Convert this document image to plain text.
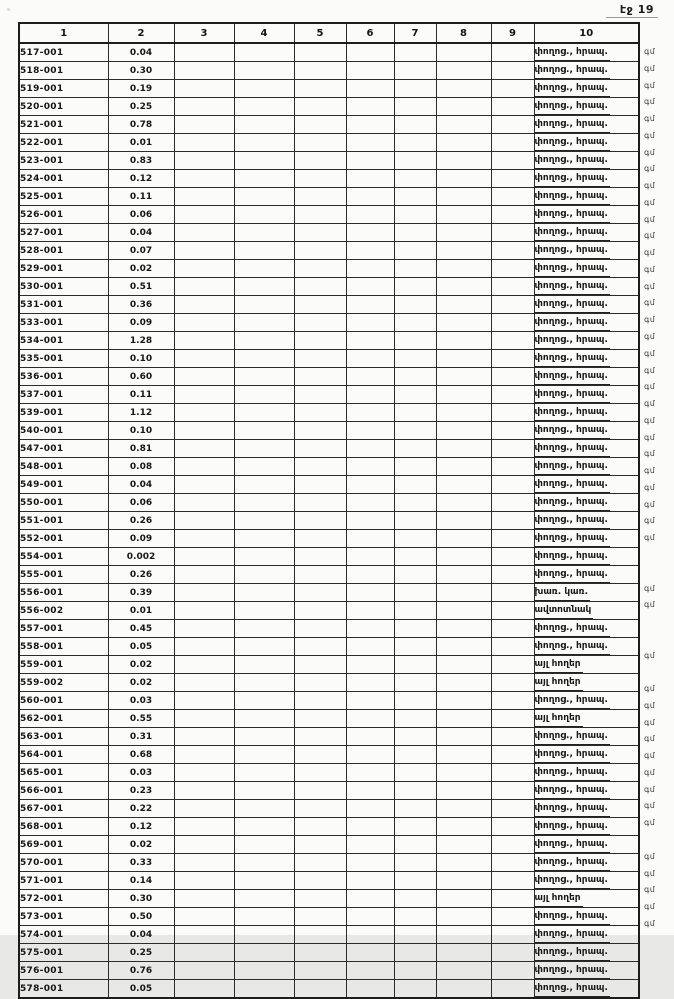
էջ 19
1	2	3	4	5	6	7	8	9	10
517-001	0.04								փողոց., հրապ.
518-001	0.30								փողոց., հրապ.
519-001	0.19								փողոց., հրապ.
520-001	0.25								փողոց., հրապ.
521-001	0.78								փողոց., հրապ.
522-001	0.01								փողոց., հրապ.
523-001	0.83								փողոց., հրապ.
524-001	0.12								փողոց., հրապ.
525-001	0.11								փողոց., հրապ.
526-001	0.06								փողոց., հրապ.
527-001	0.04								փողոց., հրապ.
528-001	0.07								փողոց., հրապ.
529-001	0.02								փողոց., հրապ.
530-001	0.51								փողոց., հրապ.
531-001	0.36								փողոց., հրապ.
533-001	0.09								փողոց., հրապ.
534-001	1.28								փողոց., հրապ.
535-001	0.10								փողոց., հրապ.
536-001	0.60								փողոց., հրապ.
537-001	0.11								փողոց., հրապ.
539-001	1.12								փողոց., հրապ.
540-001	0.10								փողոց., հրապ.
547-001	0.81								փողոց., հրապ.
548-001	0.08								փողոց., հրապ.
549-001	0.04								փողոց., հրապ.
550-001	0.06								փողոց., հրապ.
551-001	0.26								փողոց., հրապ.
552-001	0.09								փողոց., հրապ.
554-001	0.002								փողոց., հրապ.
555-001	0.26								փողոց., հրապ.
556-001	0.39								խառ. կառ.
556-002	0.01								ավտոտնակ
557-001	0.45								փողոց., հրապ.
558-001	0.05								փողոց., հրապ.
559-001	0.02								այլ հողեր
559-002	0.02								այլ հողեր
560-001	0.03								փողոց., հրապ.
562-001	0.55								այլ հողեր
563-001	0.31								փողոց., հրապ.
564-001	0.68								փողոց., հրապ.
565-001	0.03								փողոց., հրապ.
566-001	0.23								փողոց., հրապ.
567-001	0.22								փողոց., հրապ.
568-001	0.12								փողոց., հրապ.
569-001	0.02								փողոց., հրապ.
570-001	0.33								փողոց., հրապ.
571-001	0.14								փողոց., հրապ.
572-001	0.30								այլ հողեր
573-001	0.50								փողոց., հրապ.
574-001	0.04								փողոց., հրապ.
575-001	0.25								փողոց., հրապ.
576-001	0.76								փողոց., հրապ.
578-001	0.05								փողոց., հրապ.
գմ
գմ
գմ
գմ
գմ
գմ
գմ
գմ
գմ
գմ
գմ
գմ
գմ
գմ
գմ
գմ
գմ
գմ
գմ
գմ
գմ
գմ
գմ
գմ
գմ
գմ
գմ
գմ
գմ
գմ
գմ
գմ
գմ
գմ
գմ
գմ
գմ
գմ
գմ
գմ
գմ
գմ
գմ
գմ
գմ
գմ
գմ
